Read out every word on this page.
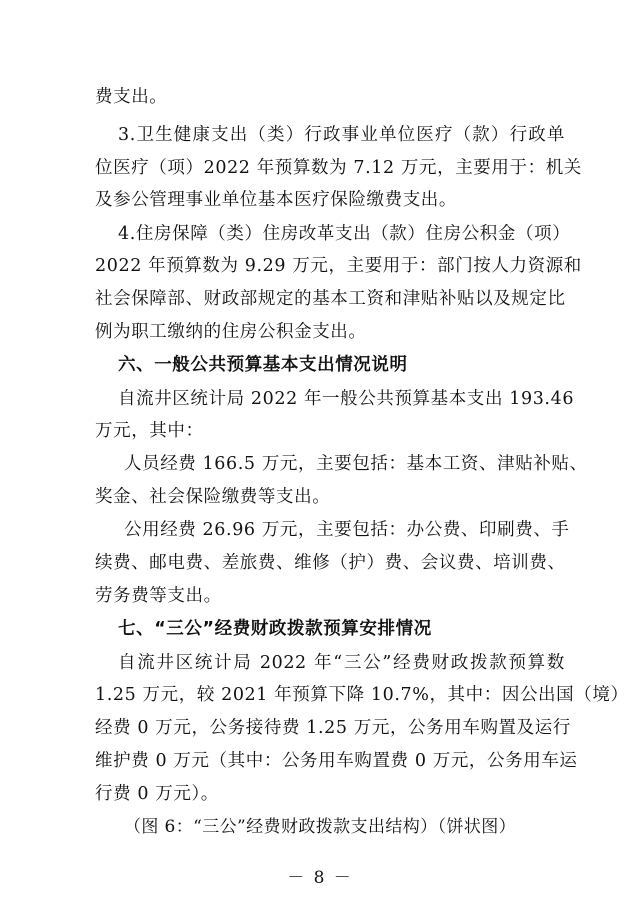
费支出。
3.卫生健康支出（类）行政事业单位医疗（款）行政单
位医疗（项）2022 年预算数为 7.12 万元，主要用于：机关
及参公管理事业单位基本医疗保险缴费支出。
4.住房保障（类）住房改革支出（款）住房公积金（项）
2022 年预算数为 9.29 万元，主要用于：部门按人力资源和
社会保障部、财政部规定的基本工资和津贴补贴以及规定比
例为职工缴纳的住房公积金支出。
六、一般公共预算基本支出情况说明
自流井区统计局 2022 年一般公共预算基本支出 193.46
万元，其中：
人员经费 166.5 万元，主要包括：基本工资、津贴补贴、
奖金、社会保险缴费等支出。
公用经费 26.96 万元，主要包括：办公费、印刷费、手
续费、邮电费、差旅费、维修（护）费、会议费、培训费、
劳务费等支出。
七、“三公”经费财政拨款预算安排情况
自流井区统计局 2022 年“三公”经费财政拨款预算数
1.25 万元，较 2021 年预算下降 10.7%，其中：因公出国（境）
经费 0 万元，公务接待费 1.25 万元，公务用车购置及运行
维护费 0 万元（其中：公务用车购置费 0 万元，公务用车运
行费 0 万元）。
（图 6：“三公”经费财政拨款支出结构）（饼状图）
－ 8 －
